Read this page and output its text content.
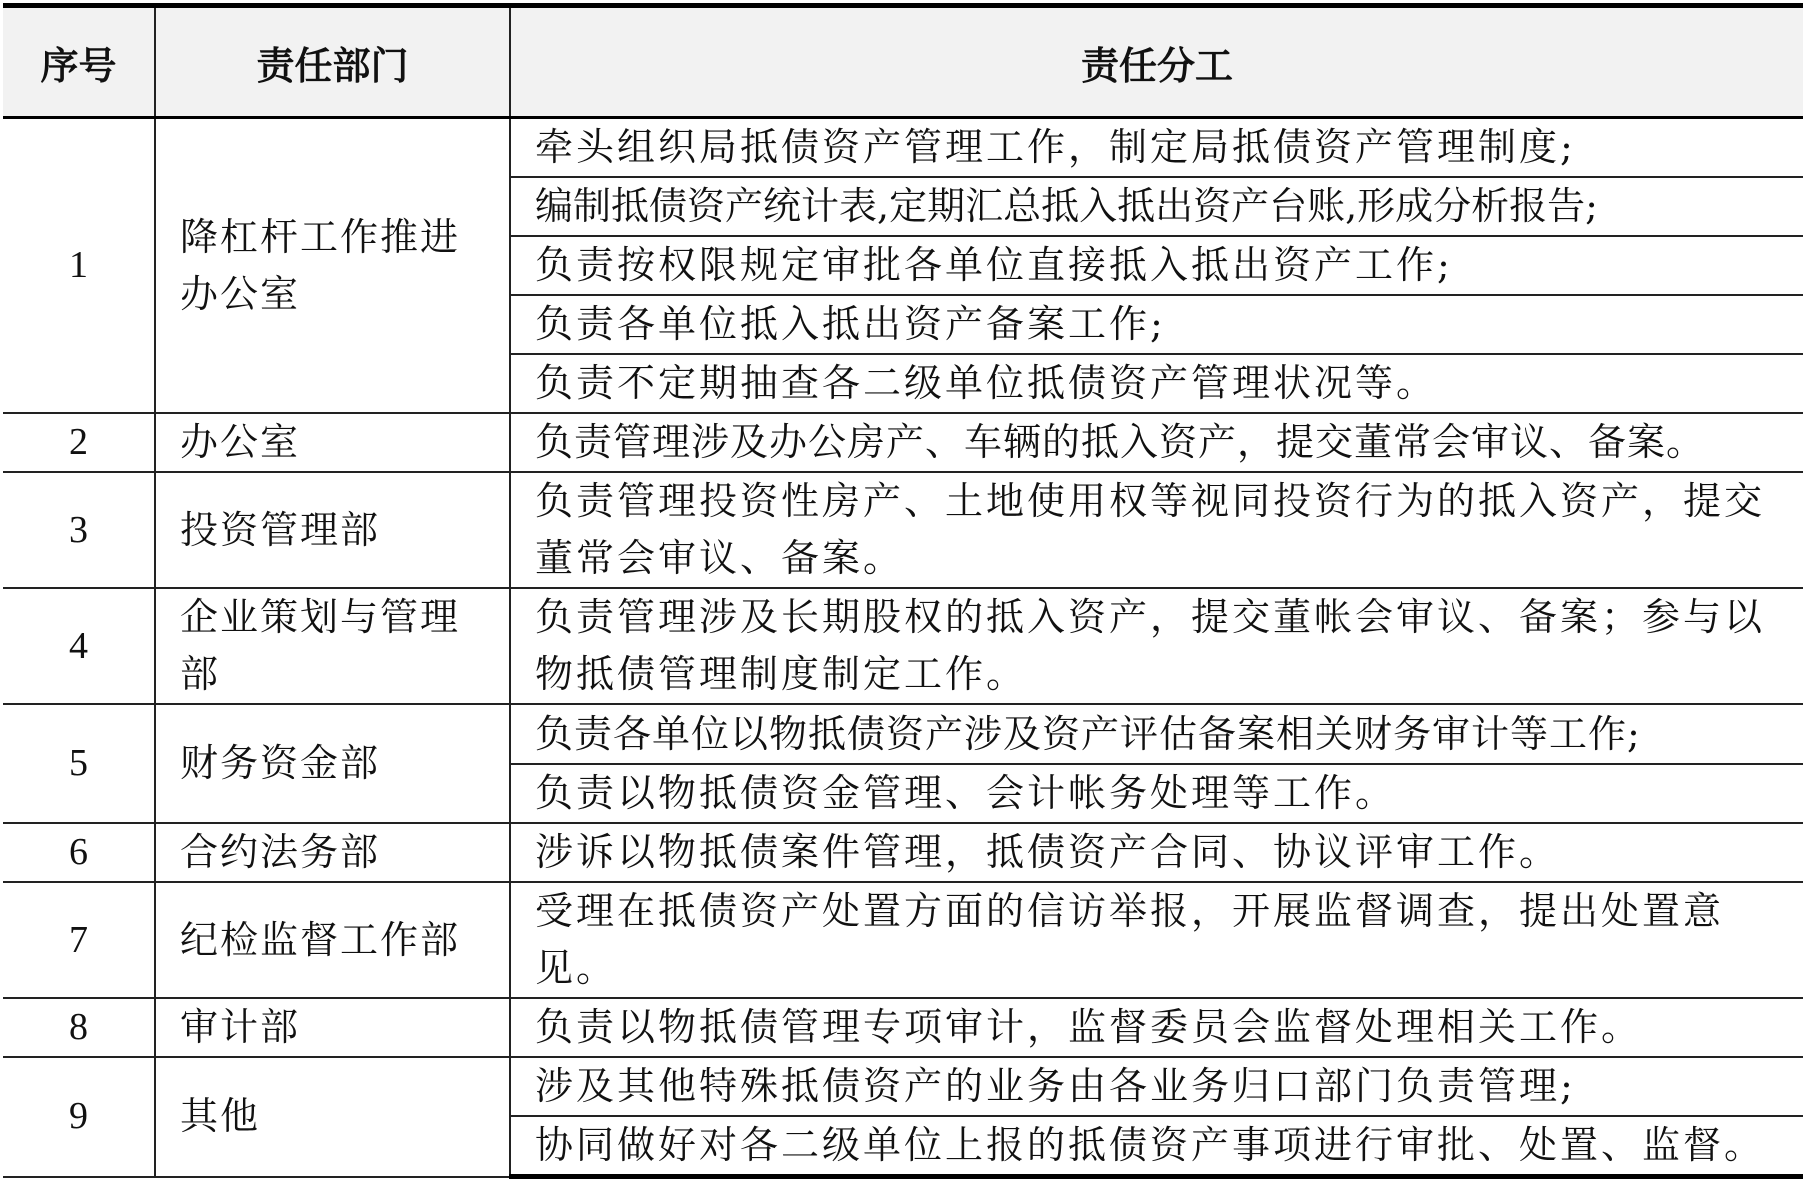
序号	责任部门	责任分工
1	降杠杆工作推进办公室	牵头组织局抵债资产管理工作，制定局抵债资产管理制度;
		编制抵债资产统计表,定期汇总抵入抵出资产台账,形成分析报告;
		负责按权限规定审批各单位直接抵入抵出资产工作;
		负责各单位抵入抵出资产备案工作;
		负责不定期抽查各二级单位抵债资产管理状况等。
2	办公室	负责管理涉及办公房产、车辆的抵入资产，提交董常会审议、备案。
3	投资管理部	负责管理投资性房产、土地使用权等视同投资行为的抵入资产，提交董常会审议、备案。
4	企业策划与管理部	负责管理涉及长期股权的抵入资产，提交董帐会审议、备案；参与以物抵债管理制度制定工作。
5	财务资金部	负责各单位以物抵债资产涉及资产评估备案相关财务审计等工作;
		负责以物抵债资金管理、会计帐务处理等工作。
6	合约法务部	涉诉以物抵债案件管理，抵债资产合同、协议评审工作。
7	纪检监督工作部	受理在抵债资产处置方面的信访举报，开展监督调查，提出处置意见。
8	审计部	负责以物抵债管理专项审计，监督委员会监督处理相关工作。
9	其他	涉及其他特殊抵债资产的业务由各业务归口部门负责管理;
		协同做好对各二级单位上报的抵债资产事项进行审批、处置、监督。
